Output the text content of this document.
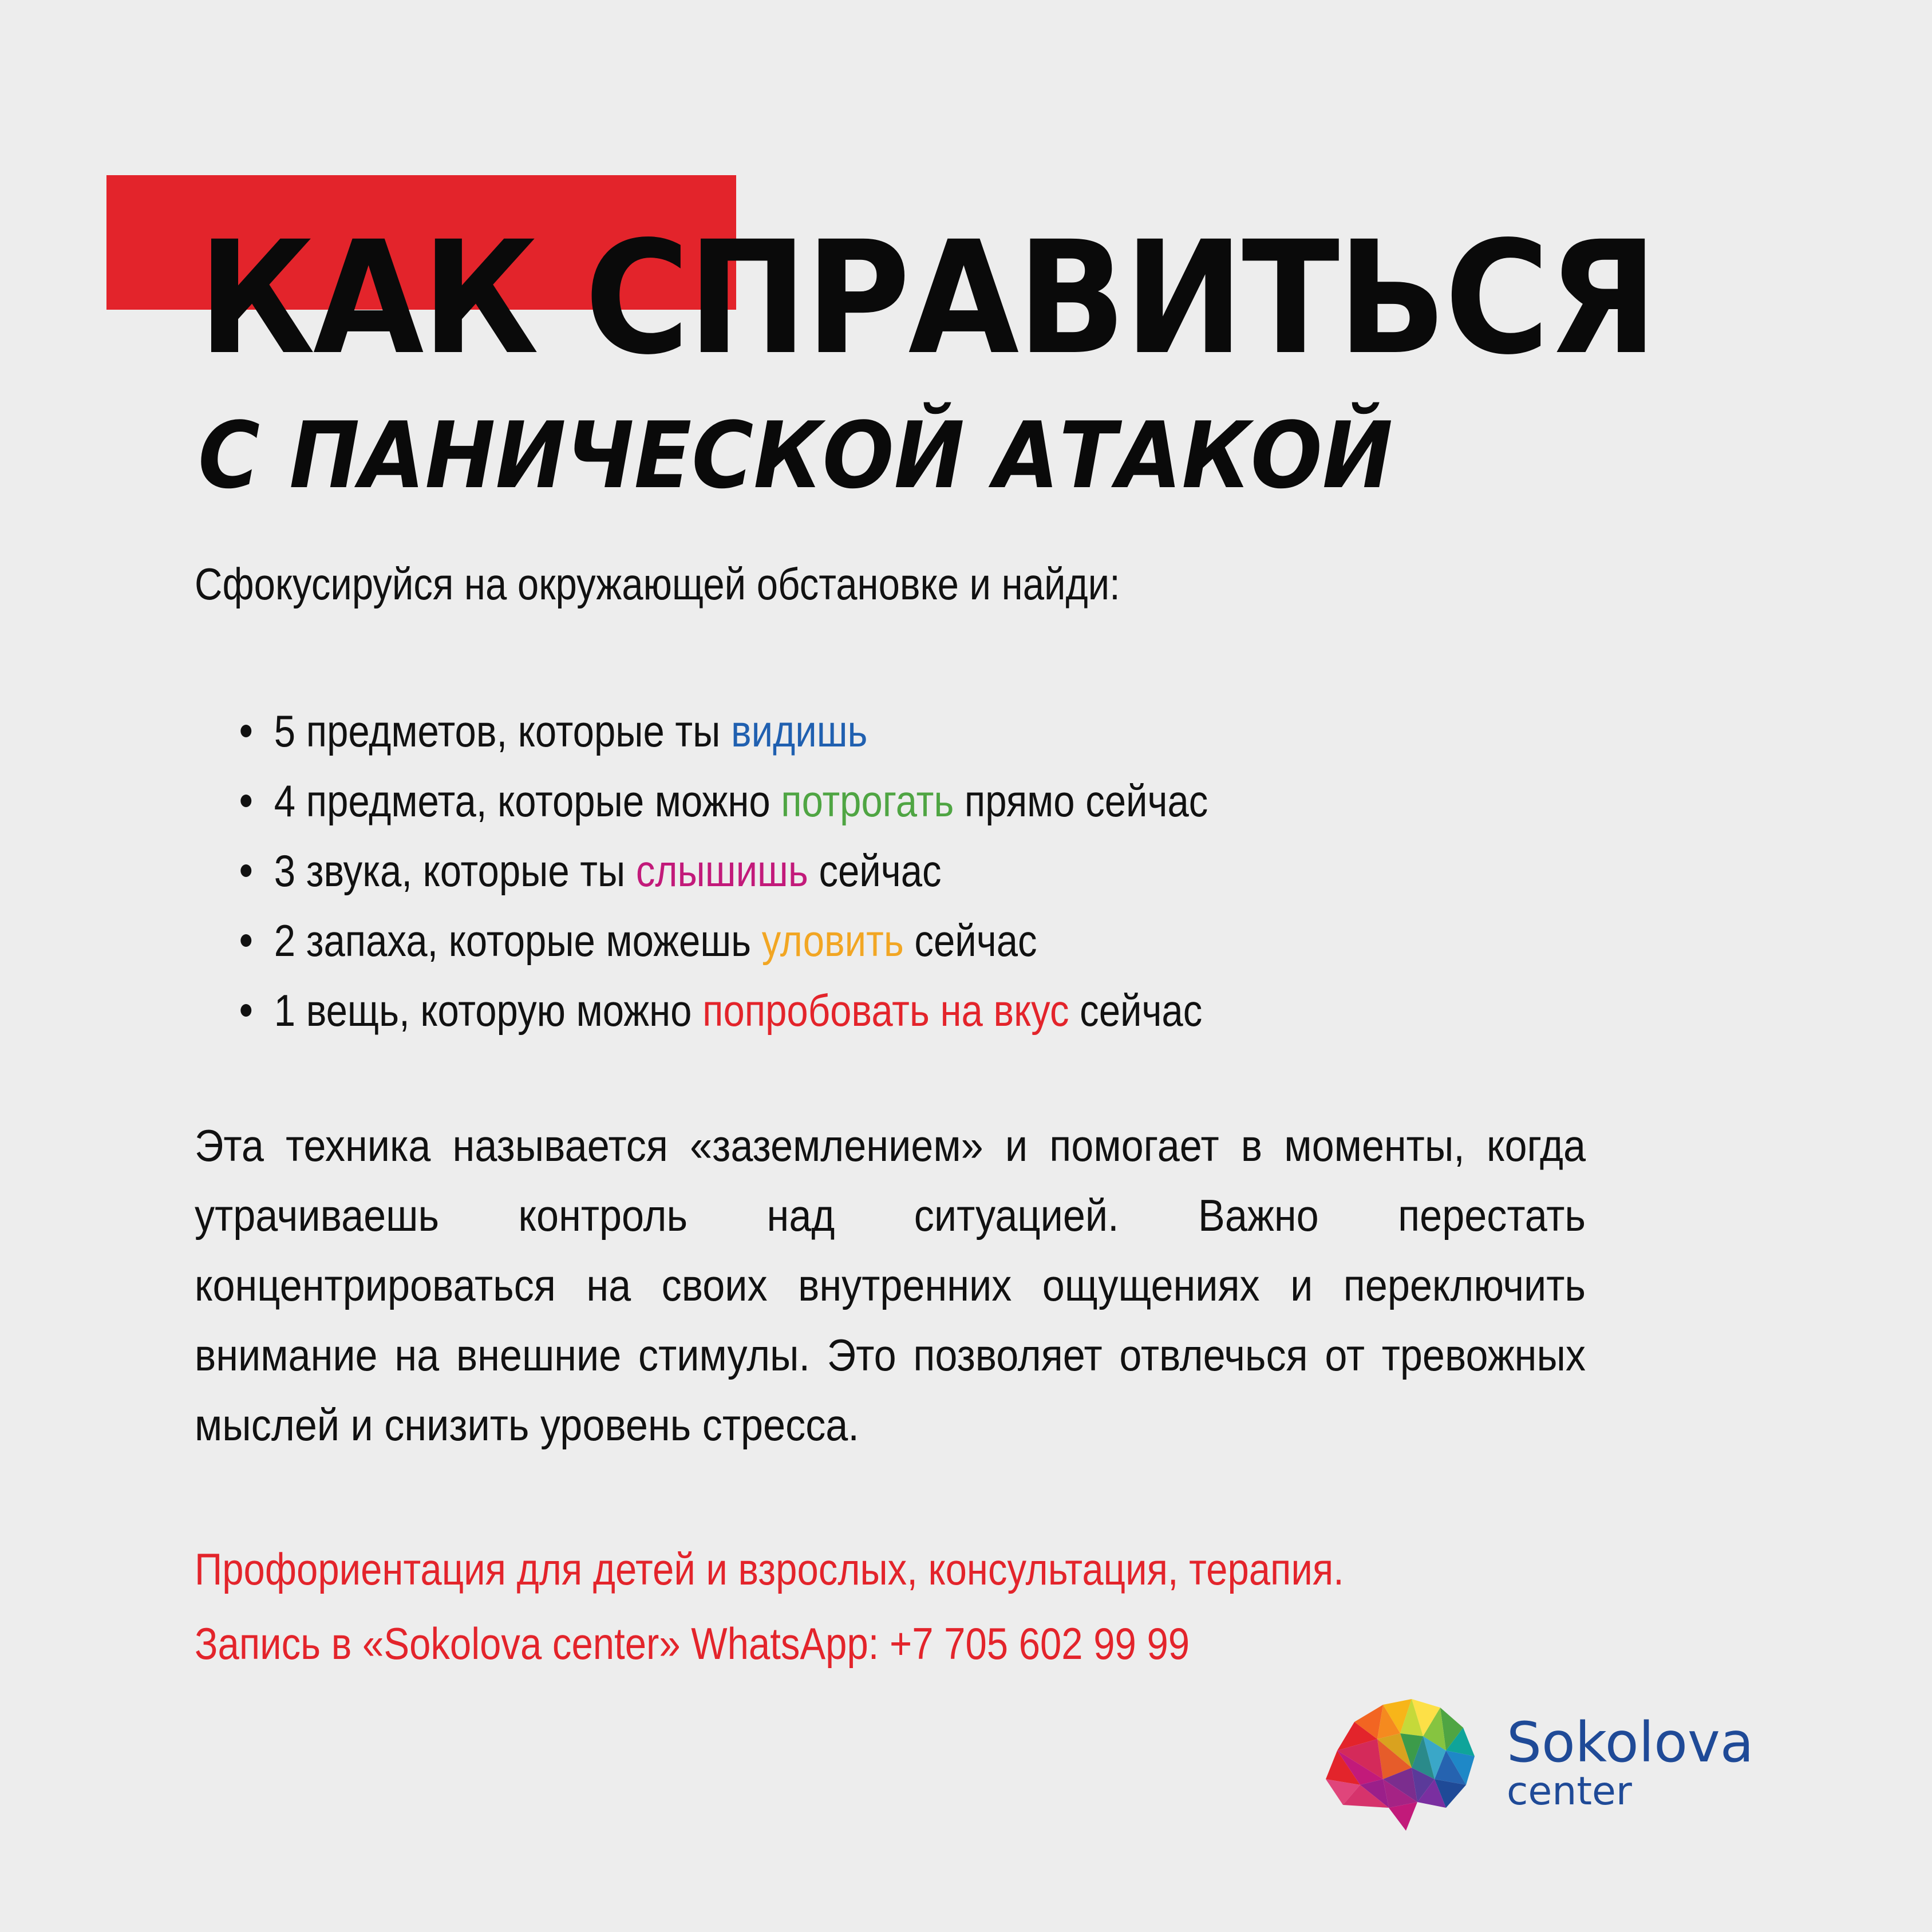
КАК СПРАВИТЬСЯ
С ПАНИЧЕСКОЙ АТАКОЙ

Сфокусируйся на окружающей обстановке и найди:

5 предметов, которые ты видишь
4 предмета, которые можно потрогать прямо сейчас
3 звука, которые ты слышишь сейчас
2 запаха, которые можешь уловить сейчас
1 вещь, которую можно попробовать на вкус сейчас

Эта техника называется «заземлением» и помогает в моменты, когда утрачиваешь контроль над ситуацией. Важно перестать концентрироваться на своих внутренних ощущениях и переключить внимание на внешние стимулы. Это позволяет отвлечься от тревожных мыслей и снизить уровень стресса.

Профориентация для детей и взрослых, консультация, терапия.
Запись в «Sokolova center» WhatsApp: +7 705 602 99 99

Sokolova

center
